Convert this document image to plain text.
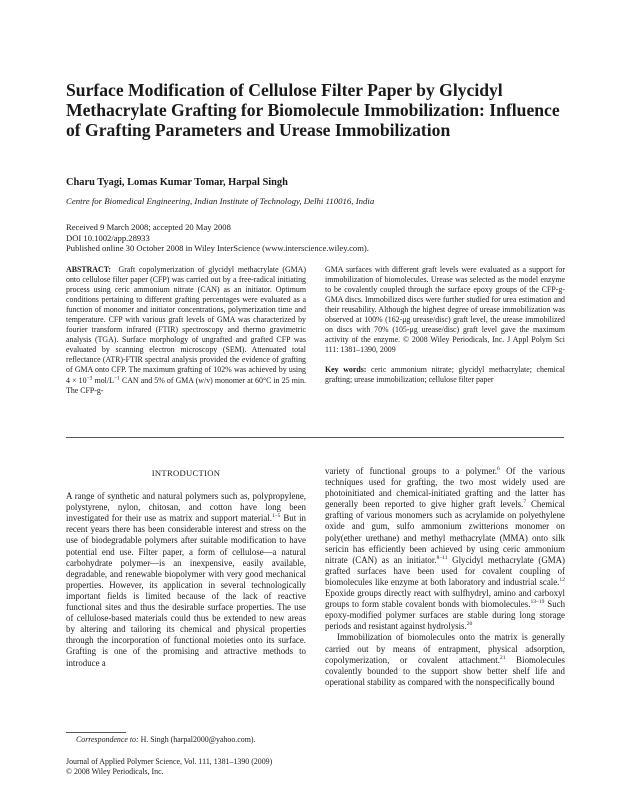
Surface Modification of Cellulose Filter Paper by Glycidyl Methacrylate Grafting for Biomolecule Immobilization: Influence of Grafting Parameters and Urease Immobilization

Charu Tyagi, Lomas Kumar Tomar, Harpal Singh

Centre for Biomedical Engineering, Indian Institute of Technology, Delhi 110016, India

Received 9 March 2008; accepted 20 May 2008
DOI 10.1002/app.28933
Published online 30 October 2008 in Wiley InterScience (www.interscience.wiley.com).

ABSTRACT: Graft copolymerization of glycidyl methacrylate (GMA) onto cellulose filter paper (CFP) was carried out by a free-radical initiating process using ceric ammonium nitrate (CAN) as an initiator. Optimum conditions pertaining to different grafting percentages were evaluated as a function of monomer and initiator concentrations, polymerization time and temperature. CFP with various graft levels of GMA was characterized by fourier transform infrared (FTIR) spectroscopy and thermo gravimetric analysis (TGA). Surface morphology of ungrafted and grafted CFP was evaluated by scanning electron microscopy (SEM). Attenuated total reflectance (ATR)-FTIR spectral analysis provided the evidence of grafting of GMA onto CFP. The maximum grafting of 102% was achieved by using $4 \times 10^{-3}$ mol/$L^{-1}$ CAN and 5% of GMA (w/v) monomer at 60°C in 25 min. The CFP-g-

GMA surfaces with different graft levels were evaluated as a support for immobilization of biomolecules. Urease was selected as the model enzyme to be covalently coupled through the surface epoxy groups of the CFP-g-GMA discs. Immobilized discs were further studied for urea estimation and their reusability. Although the highest degree of urease immobilization was observed at 100% (162-μg urease/disc) graft level, the urease immobilized on discs with 70% (105-μg urease/disc) graft level gave the maximum activity of the enzyme. © 2008 Wiley Periodicals, Inc. J Appl Polym Sci 111: 1381–1390, 2009

Key words: ceric ammonium nitrate; glycidyl methacrylate; chemical grafting; urease immobilization; cellulose filter paper

INTRODUCTION

A range of synthetic and natural polymers such as, polypropylene, polystyrene, nylon, chitosan, and cotton have long been investigated for their use as matrix and support material.$^{1-5}$ But in recent years there has been considerable interest and stress on the use of biodegradable polymers after suitable modification to have potential end use. Filter paper, a form of cellulose—a natural carbohydrate polymer—is an inexpensive, easily available, degradable, and renewable biopolymer with very good mechanical properties. However, its application in several technologically important fields is limited because of the lack of reactive functional sites and thus the desirable surface properties. The use of cellulose-based materials could thus be extended to new areas by altering and tailoring its chemical and physical properties through the incorporation of functional moieties onto its surface. Grafting is one of the promising and attractive methods to introduce a

variety of functional groups to a polymer.$^6$ Of the various techniques used for grafting, the two most widely used are photoinitiated and chemical-initiated grafting and the latter has generally been reported to give higher graft levels.$^7$ Chemical grafting of various monomers such as acrylamide on polyethylene oxide and gum, sulfo ammonium zwitterions monomer on poly(ether urethane) and methyl methacrylate (MMA) onto silk sericin has efficiently been achieved by using ceric ammonium nitrate (CAN) as an initiator.$^{8-11}$ Glycidyl methacrylate (GMA) grafted surfaces have been used for covalent coupling of biomolecules like enzyme at both laboratory and industrial scale.$^{12}$ Epoxide groups directly react with sulfhydryl, amino and carboxyl groups to form stable covalent bonds with biomolecules.$^{13-19}$ Such epoxy-modified polymer surfaces are stable during long storage periods and resistant against hydrolysis.$^{20}$

Immobilization of biomolecules onto the matrix is generally carried out by means of entrapment, physical adsorption, copolymerization, or covalent attachment.$^{21}$ Biomolecules covalently bounded to the support show better shelf life and operational stability as compared with the nonspecifically bound

Correspondence to: H. Singh (harpal2000@yahoo.com).
Journal of Applied Polymer Science, Vol. 111, 1381–1390 (2009)
© 2008 Wiley Periodicals, Inc.
